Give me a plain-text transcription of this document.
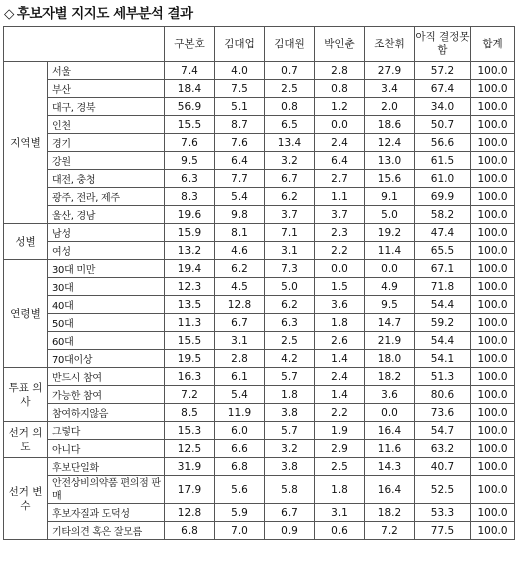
◇ 후보자별 지지도 세부분석 결과
		구본호	김대업	김대원	박인춘	조찬휘	아직 결정못함	합계
지역별	서울	7.4	4.0	0.7	2.8	27.9	57.2	100.0
	부산	18.4	7.5	2.5	0.8	3.4	67.4	100.0
	대구, 경북	56.9	5.1	0.8	1.2	2.0	34.0	100.0
	인천	15.5	8.7	6.5	0.0	18.6	50.7	100.0
	경기	7.6	7.6	13.4	2.4	12.4	56.6	100.0
	강원	9.5	6.4	3.2	6.4	13.0	61.5	100.0
	대전, 충청	6.3	7.7	6.7	2.7	15.6	61.0	100.0
	광주, 전라, 제주	8.3	5.4	6.2	1.1	9.1	69.9	100.0
	울산, 경남	19.6	9.8	3.7	3.7	5.0	58.2	100.0
성별	남성	15.9	8.1	7.1	2.3	19.2	47.4	100.0
	여성	13.2	4.6	3.1	2.2	11.4	65.5	100.0
연령별	30대 미만	19.4	6.2	7.3	0.0	0.0	67.1	100.0
	30대	12.3	4.5	5.0	1.5	4.9	71.8	100.0
	40대	13.5	12.8	6.2	3.6	9.5	54.4	100.0
	50대	11.3	6.7	6.3	1.8	14.7	59.2	100.0
	60대	15.5	3.1	2.5	2.6	21.9	54.4	100.0
	70대이상	19.5	2.8	4.2	1.4	18.0	54.1	100.0
투표 의사	반드시 참여	16.3	6.1	5.7	2.4	18.2	51.3	100.0
	가능한 참여	7.2	5.4	1.8	1.4	3.6	80.6	100.0
	참여하지않음	8.5	11.9	3.8	2.2	0.0	73.6	100.0
선거 의도	그렇다	15.3	6.0	5.7	1.9	16.4	54.7	100.0
	아니다	12.5	6.6	3.2	2.9	11.6	63.2	100.0
선거 변수	후보단일화	31.9	6.8	3.8	2.5	14.3	40.7	100.0
	안전상비의약품 편의점 판매	17.9	5.6	5.8	1.8	16.4	52.5	100.0
	후보자질과 도덕성	12.8	5.9	6.7	3.1	18.2	53.3	100.0
	기타의견 혹은 잘모름	6.8	7.0	0.9	0.6	7.2	77.5	100.0
